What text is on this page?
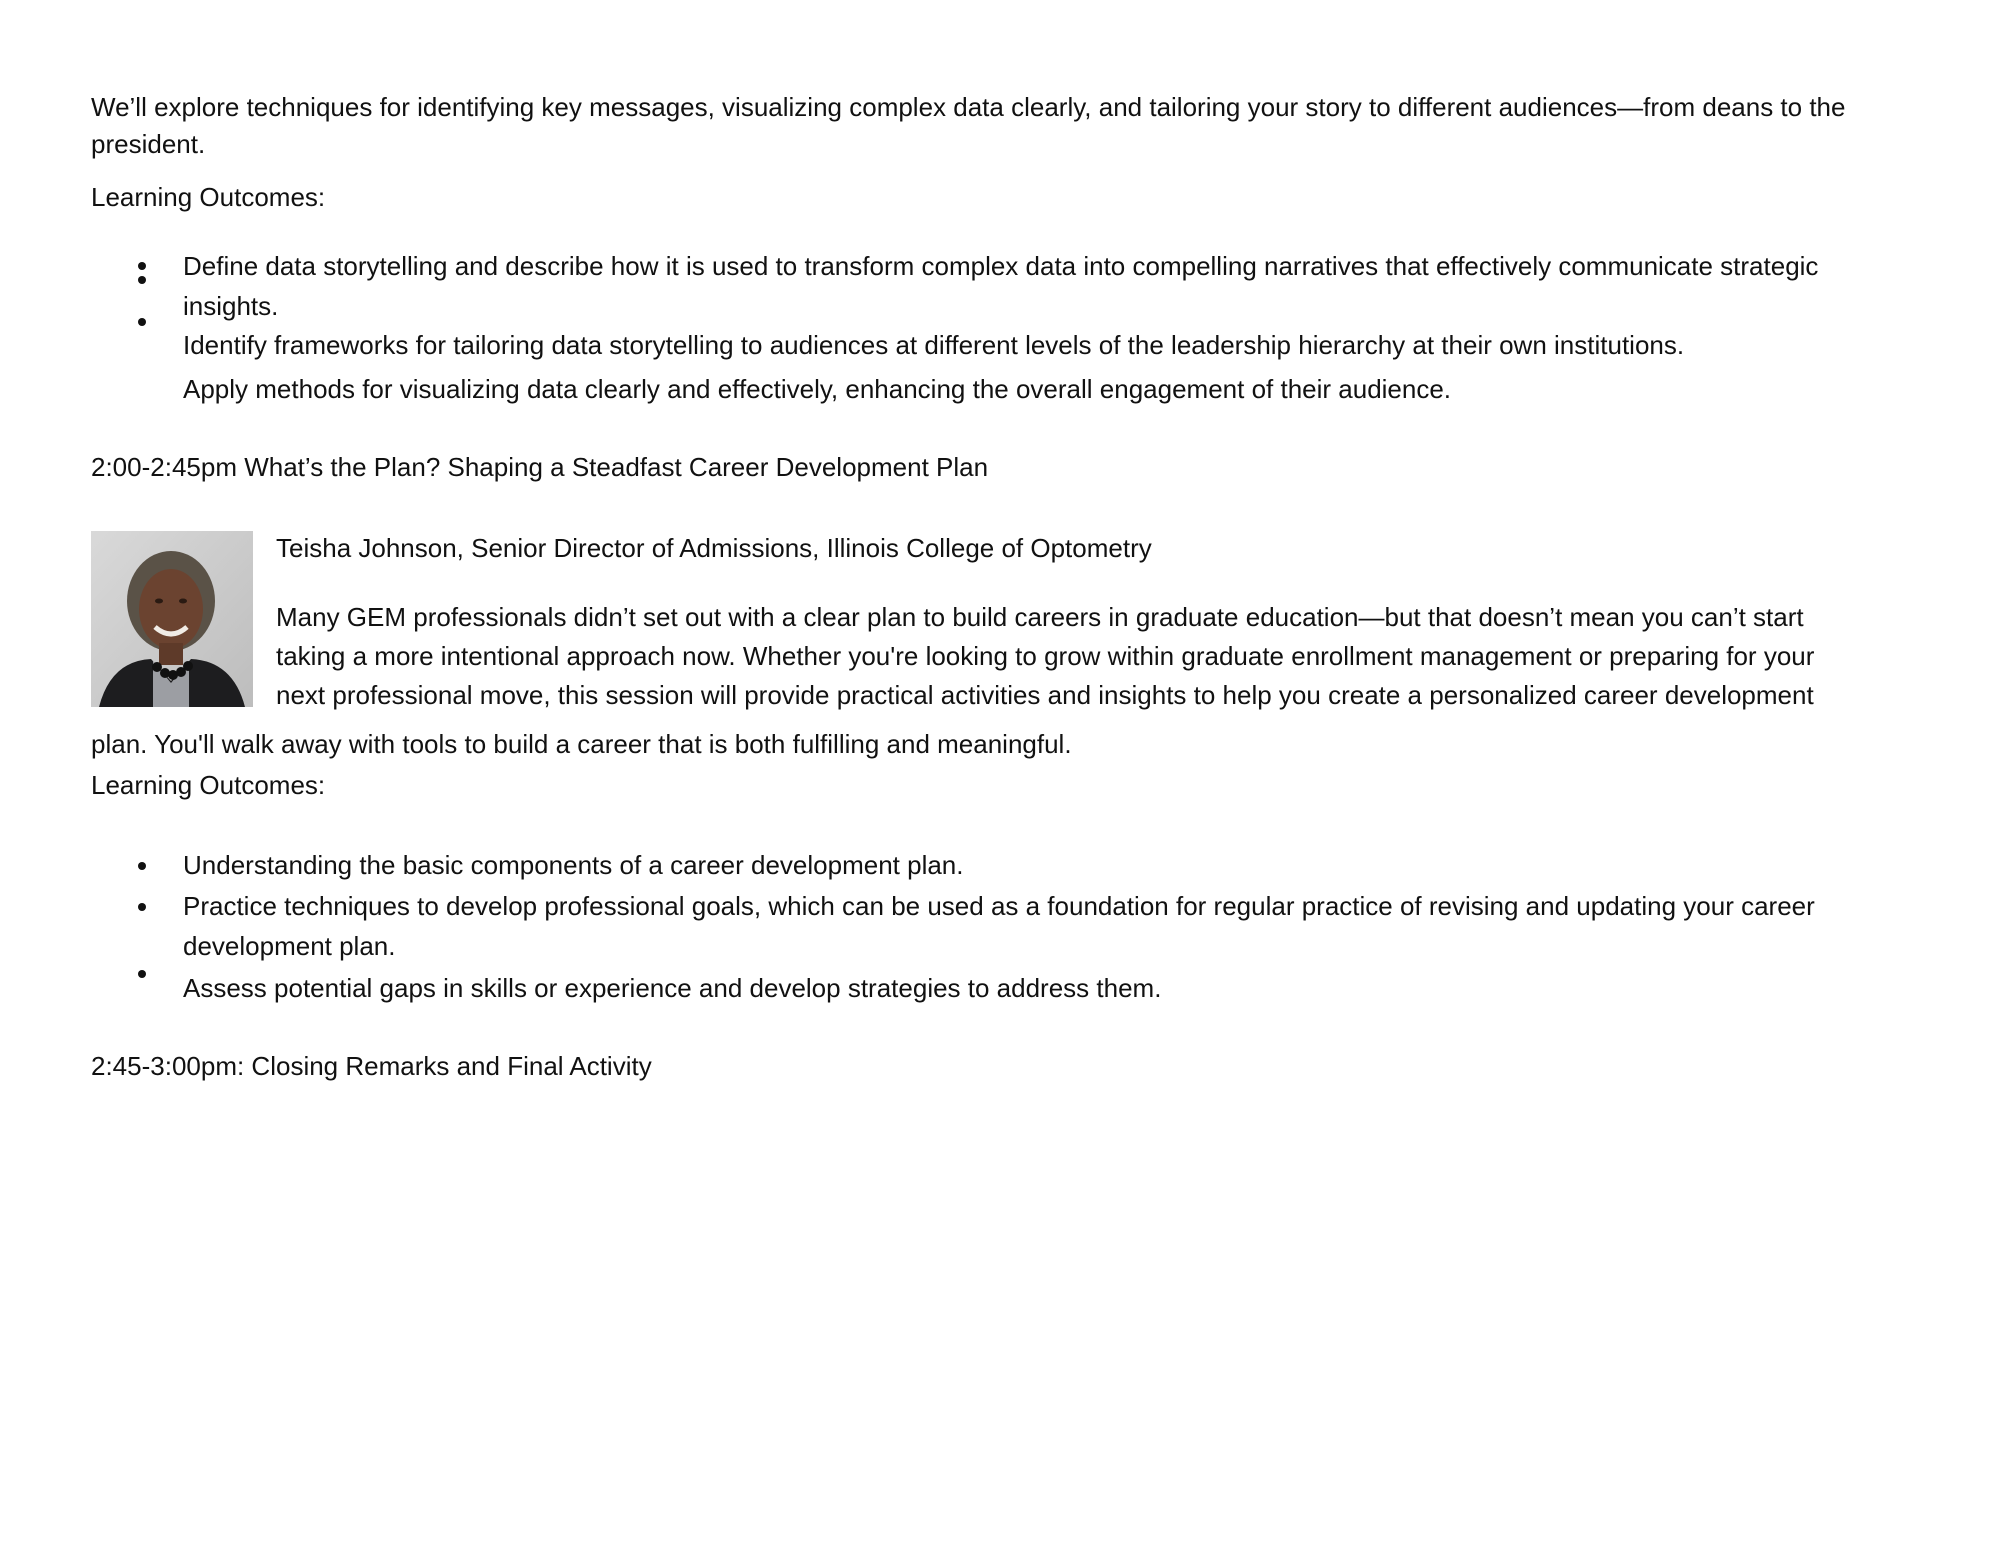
We’ll explore techniques for identifying key messages, visualizing complex data clearly, and tailoring your story to different audiences—from deans to the
president.
Learning Outcomes:
Define data storytelling and describe how it is used to transform complex data into compelling narratives that effectively communicate strategic
insights.
Identify frameworks for tailoring data storytelling to audiences at different levels of the leadership hierarchy at their own institutions.
Apply methods for visualizing data clearly and effectively, enhancing the overall engagement of their audience.
2:00-2:45pm What’s the Plan? Shaping a Steadfast Career Development Plan
Teisha Johnson, Senior Director of Admissions, Illinois College of Optometry
Many GEM professionals didn’t set out with a clear plan to build careers in graduate education—but that doesn’t mean you can’t start
taking a more intentional approach now. Whether you're looking to grow within graduate enrollment management or preparing for your
next professional move, this session will provide practical activities and insights to help you create a personalized career development
plan. You'll walk away with tools to build a career that is both fulfilling and meaningful.
Learning Outcomes:
Understanding the basic components of a career development plan.
Practice techniques to develop professional goals, which can be used as a foundation for regular practice of revising and updating your career
development plan.
Assess potential gaps in skills or experience and develop strategies to address them.
2:45-3:00pm: Closing Remarks and Final Activity
